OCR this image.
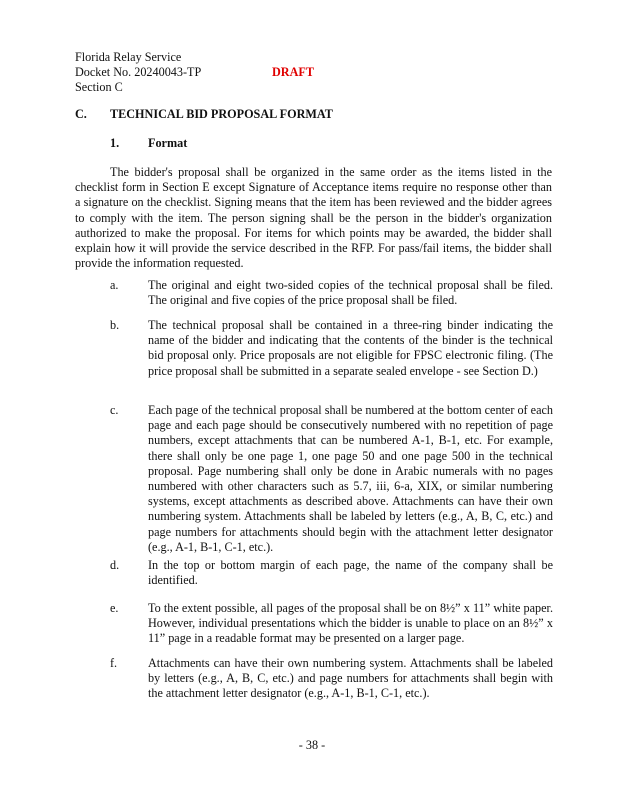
Florida Relay Service
Docket No. 20240043-TP	DRAFT
Section C
C. TECHNICAL BID PROPOSAL FORMAT
1. Format

The bidder's proposal shall be organized in the same order as the items listed in the checklist form in Section E except Signature of Acceptance items require no response other than a signature on the checklist. Signing means that the item has been reviewed and the bidder agrees to comply with the item. The person signing shall be the person in the bidder's organization authorized to make the proposal. For items for which points may be awarded, the bidder shall explain how it will provide the service described in the RFP. For pass/fail items, the bidder shall provide the information requested.

a. The original and eight two-sided copies of the technical proposal shall be filed. The original and five copies of the price proposal shall be filed.

b. The technical proposal shall be contained in a three-ring binder indicating the name of the bidder and indicating that the contents of the binder is the technical bid proposal only. Price proposals are not eligible for FPSC electronic filing. (The price proposal shall be submitted in a separate sealed envelope - see Section D.)

c. Each page of the technical proposal shall be numbered at the bottom center of each page and each page should be consecutively numbered with no repetition of page numbers, except attachments that can be numbered A-1, B-1, etc. For example, there shall only be one page 1, one page 50 and one page 500 in the technical proposal. Page numbering shall only be done in Arabic numerals with no pages numbered with other characters such as 5.7, iii, 6-a, XIX, or similar numbering systems, except attachments as described above. Attachments can have their own numbering system. Attachments shall be labeled by letters (e.g., A, B, C, etc.) and page numbers for attachments should begin with the attachment letter designator (e.g., A-1, B-1, C-1, etc.).

d. In the top or bottom margin of each page, the name of the company shall be identified.

e. To the extent possible, all pages of the proposal shall be on 8½” x 11” white paper. However, individual presentations which the bidder is unable to place on an 8½” x 11” page in a readable format may be presented on a larger page.

f.	Attachments can have their own numbering system. Attachments shall be labeled by letters (e.g., A, B, C, etc.) and page numbers for attachments shall begin with the attachment letter designator (e.g., A-1, B-1, C-1, etc.).

- 38 -
